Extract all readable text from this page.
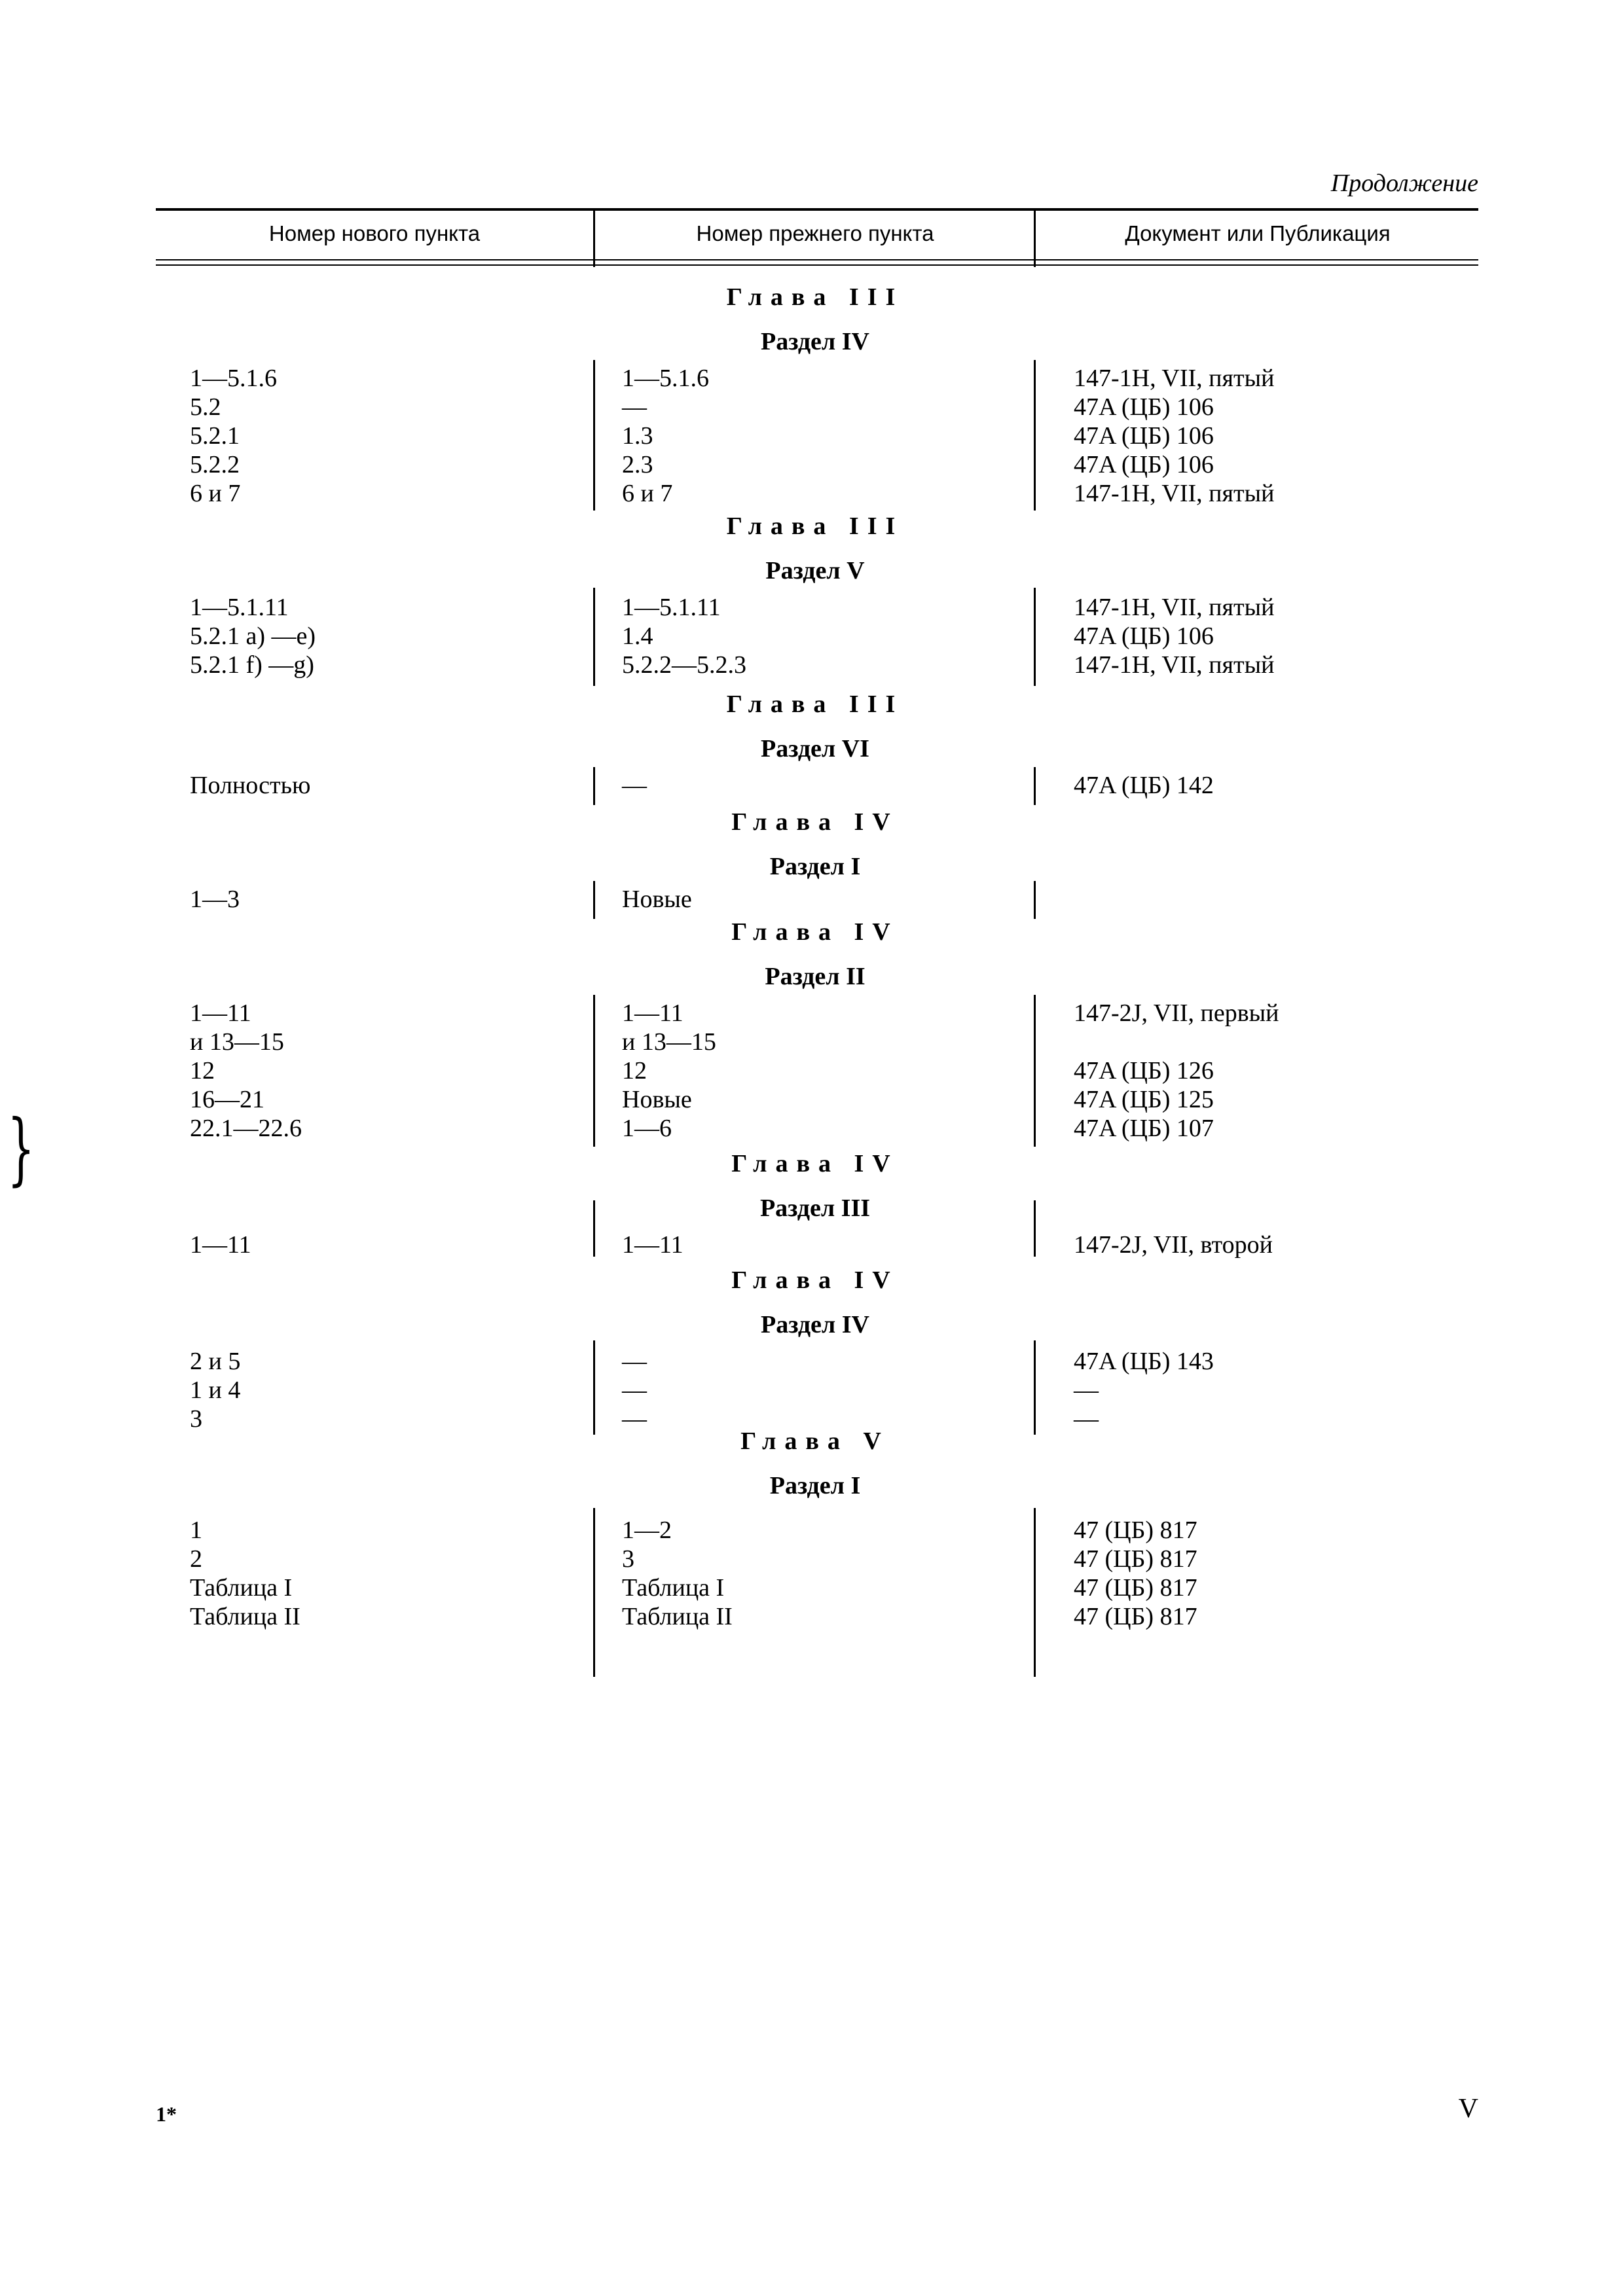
Продолжение
Номер нового пункта	Номер прежнего пункта	Документ или Публикация
Глава III
Раздел IV
1—5.1.6	1—5.1.6	147-1H, VII, пятый
5.2	—	47A (ЦБ) 106
5.2.1	1.3	47A (ЦБ) 106
5.2.2	2.3	47A (ЦБ) 106
6 и 7	6 и 7	147-1H, VII, пятый
Глава III
Раздел V
1—5.1.11	1—5.1.11	147-1H, VII, пятый
5.2.1 a) —e)	1.4	47A (ЦБ) 106
5.2.1 f) —g)	5.2.2—5.2.3	147-1H, VII, пятый
Глава III
Раздел VI
Полностью	—	47A (ЦБ) 142
Глава IV
Раздел I
1—3	Новые
Глава IV
Раздел II
1—11	1—11	147-2J, VII, первый
и 13—15	и 13—15
12	12	47A (ЦБ) 126
16—21	Новые	47A (ЦБ) 125
22.1—22.6	1—6	47A (ЦБ) 107
Глава IV
Раздел III
1—11	1—11	147-2J, VII, второй
Глава IV
Раздел IV
2 и 5	—	47A (ЦБ) 143
1 и 4	—	—
3	—	—
Глава V
Раздел I
1	1—2	47 (ЦБ) 817
2	3	47 (ЦБ) 817
Таблица I	Таблица I	47 (ЦБ) 817
Таблица II	Таблица II	47 (ЦБ) 817
}
1*	V
